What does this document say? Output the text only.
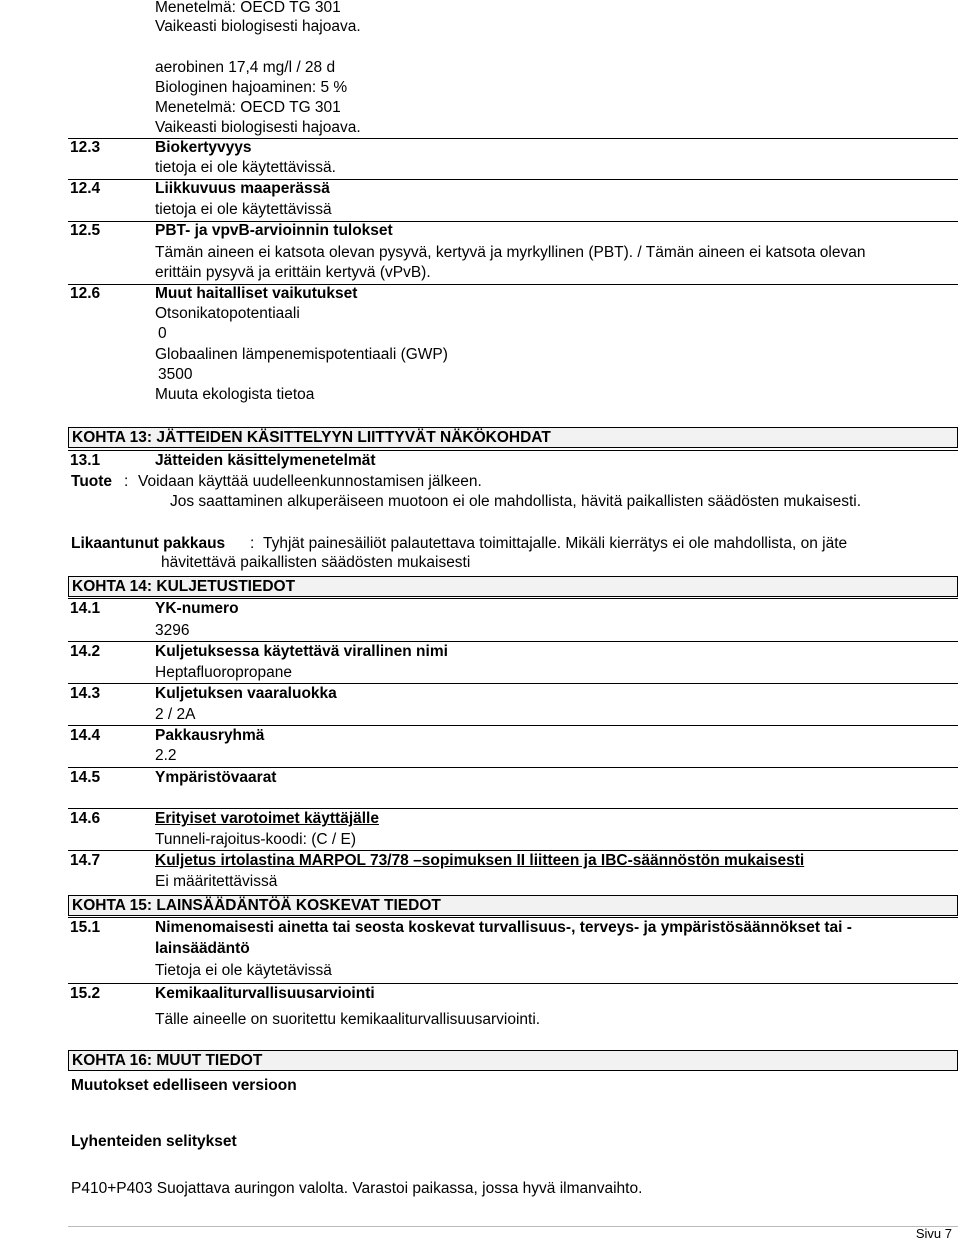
Menetelmä: OECD TG 301
Vaikeasti biologisesti hajoava.
aerobinen 17,4 mg/l / 28 d
Biologinen hajoaminen: 5 %
Menetelmä: OECD TG 301
Vaikeasti biologisesti hajoava.
12.3	Biokertyvyys
tietoja ei ole käytettävissä.
12.4	Liikkuvuus maaperässä
tietoja ei ole käytettävissä
12.5	PBT- ja vpvB-arvioinnin tulokset
Tämän aineen ei katsota olevan pysyvä, kertyvä ja myrkyllinen (PBT). / Tämän aineen ei katsota olevan
erittäin pysyvä ja erittäin kertyvä (vPvB).
12.6	Muut haitalliset vaikutukset
Otsonikatopotentiaali
0
Globaalinen lämpenemispotentiaali (GWP)
3500
Muuta ekologista tietoa
KOHTA 13: JÄTTEIDEN KÄSITTELYYN LIITTYVÄT NÄKÖKOHDAT
13.1	Jätteiden käsittelymenetelmät
Tuote : Voidaan käyttää uudelleenkunnostamisen jälkeen.
Jos saattaminen alkuperäiseen muotoon ei ole mahdollista, hävitä paikallisten säädösten mukaisesti.
Likaantunut pakkaus : Tyhjät painesäiliöt palautettava toimittajalle. Mikäli kierrätys ei ole mahdollista, on jäte
hävitettävä paikallisten säädösten mukaisesti
KOHTA 14: KULJETUSTIEDOT
14.1	YK-numero
3296
14.2	Kuljetuksessa käytettävä virallinen nimi
Heptafluoropropane
14.3	Kuljetuksen vaaraluokka
2 / 2A
14.4	Pakkausryhmä
2.2
14.5	Ympäristövaarat
14.6	Erityiset varotoimet käyttäjälle
Tunneli-rajoitus-koodi: (C / E)
14.7	Kuljetus irtolastina MARPOL 73/78 –sopimuksen II liitteen ja IBC-säännöstön mukaisesti
Ei määritettävissä
KOHTA 15: LAINSÄÄDÄNTÖÄ KOSKEVAT TIEDOT
15.1	Nimenomaisesti ainetta tai seosta koskevat turvallisuus-, terveys- ja ympäristösäännökset tai -
lainsäädäntö
Tietoja ei ole käytetävissä
15.2	Kemikaaliturvallisuusarviointi
Tälle aineelle on suoritettu kemikaaliturvallisuusarviointi.
KOHTA 16: MUUT TIEDOT
Muutokset edelliseen versioon
Lyhenteiden selitykset
P410+P403 Suojattava auringon valolta. Varastoi paikassa, jossa hyvä ilmanvaihto.
Sivu 7
